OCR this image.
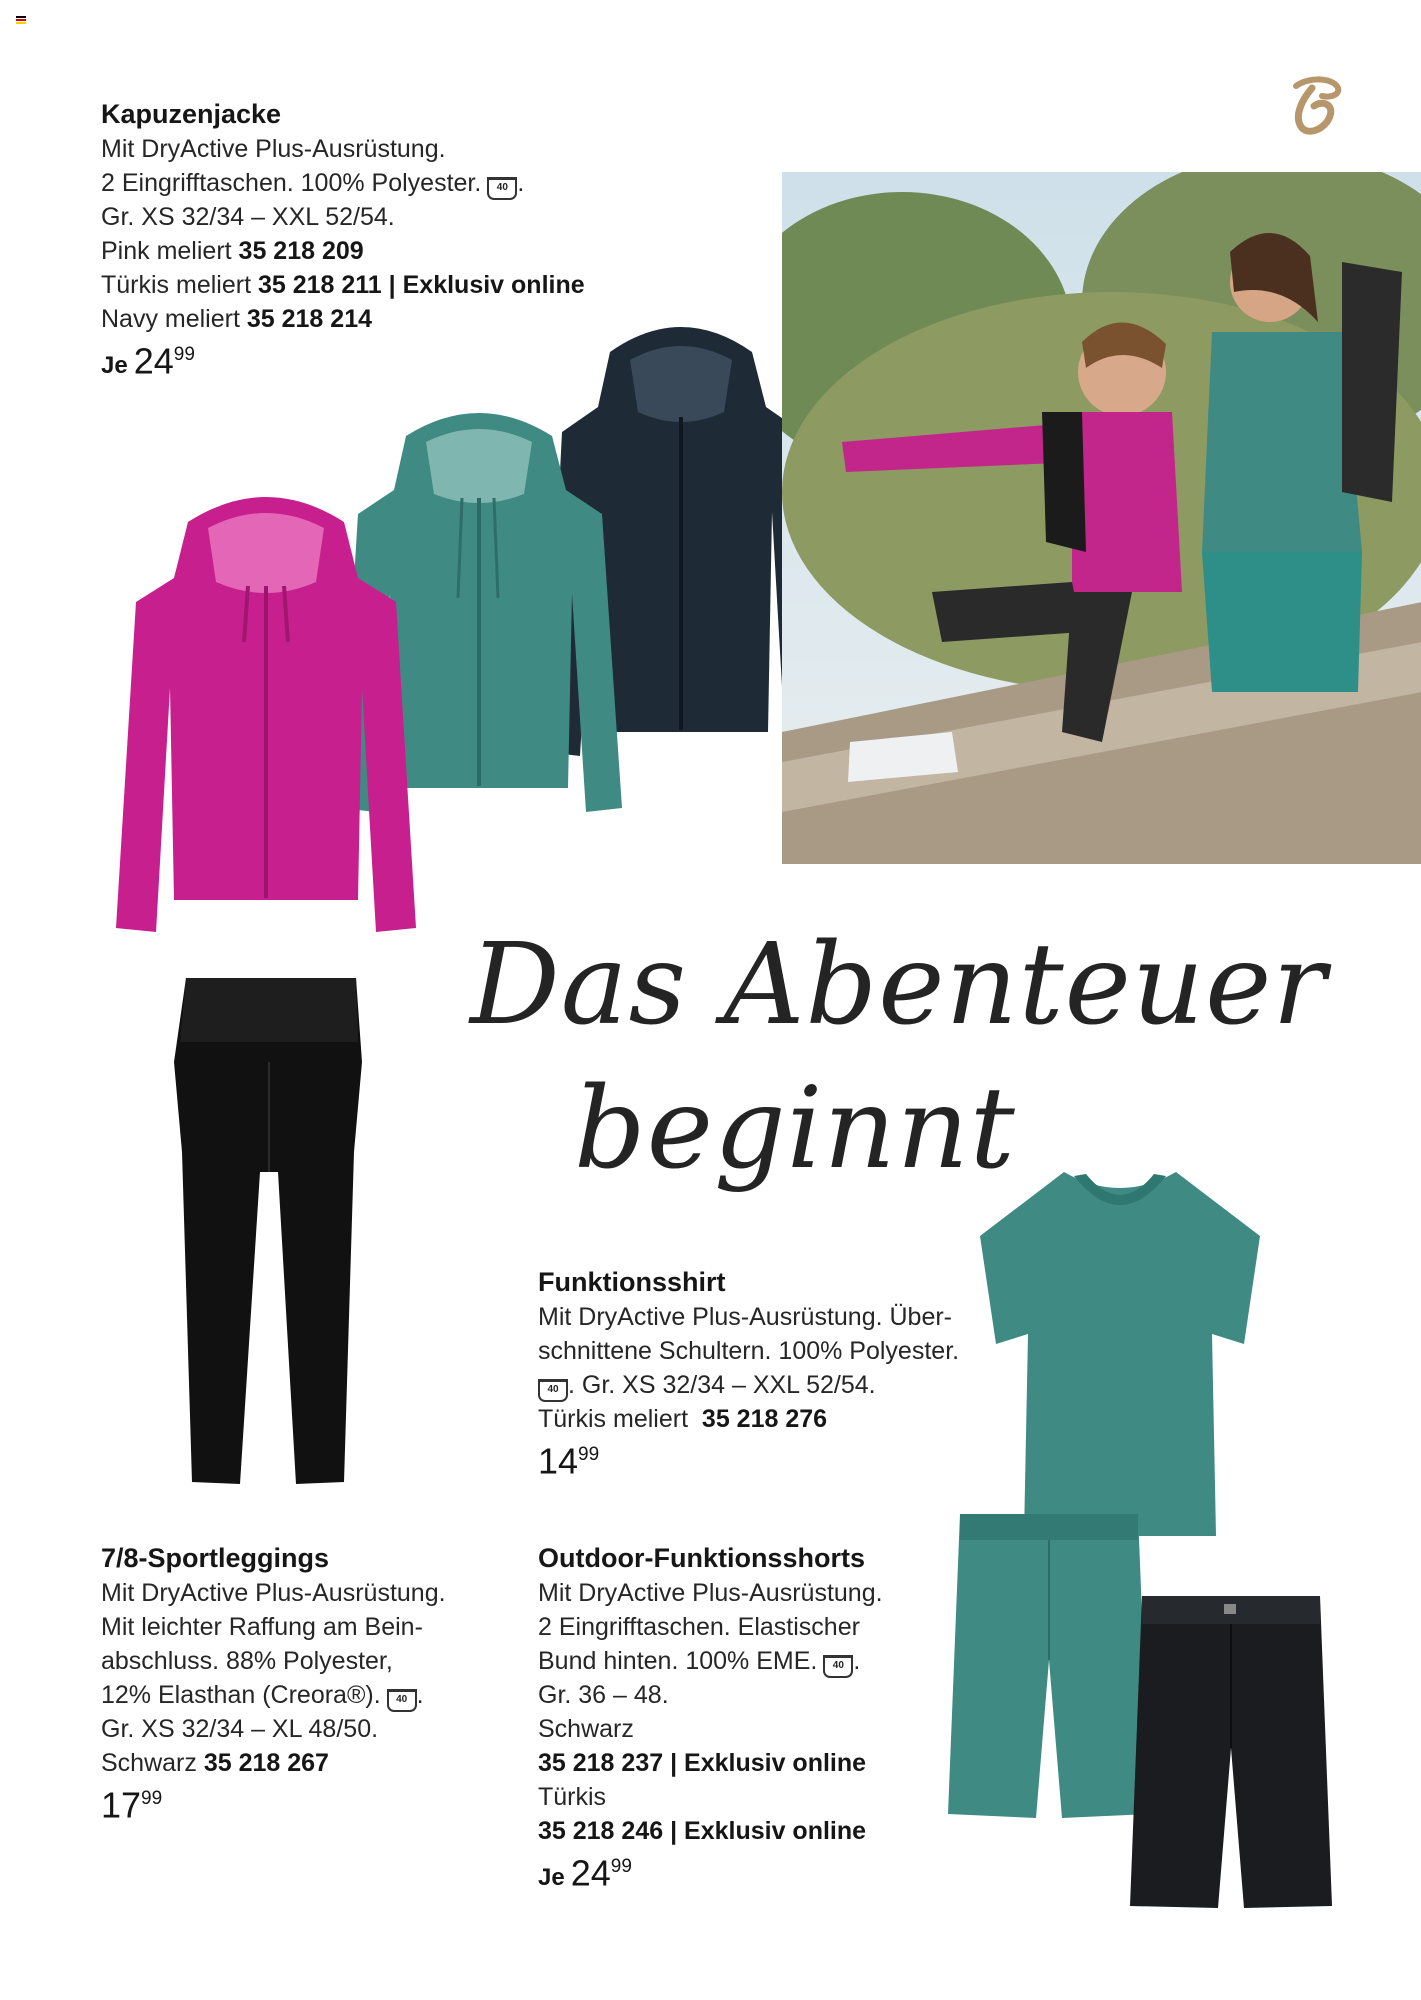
Kapuzenjacke
Mit DryActive Plus-Ausrüstung.
2 Eingrifftaschen. 100% Polyester. 40 .
Gr. XS 32/34 – XXL 52/54.
Pink meliert 35 218 209
Türkis meliert 35 218 211 | Exklusiv online
Navy meliert 35 218 214
Je $24^{99}$
Das Abenteuer
beginnt
Funktionsshirt
Mit DryActive Plus-Ausrüstung. Über-
schnittene Schultern. 100% Polyester.
40 . Gr. XS 32/34 – XXL 52/54.
Türkis meliert 35 218 276
$14^{99}$
7/8-Sportleggings
Mit DryActive Plus-Ausrüstung.
Mit leichter Raffung am Bein-
abschluss. 88% Polyester,
12% Elasthan (Creora®). 40 .
Gr. XS 32/34 – XL 48/50.
Schwarz 35 218 267
$17^{99}$
Outdoor-Funktionsshorts
Mit DryActive Plus-Ausrüstung.
2 Eingrifftaschen. Elastischer
Bund hinten. 100% EME. 40 .
Gr. 36 – 48.
Schwarz
35 218 237 | Exklusiv online
Türkis
35 218 246 | Exklusiv online
Je $24^{99}$
